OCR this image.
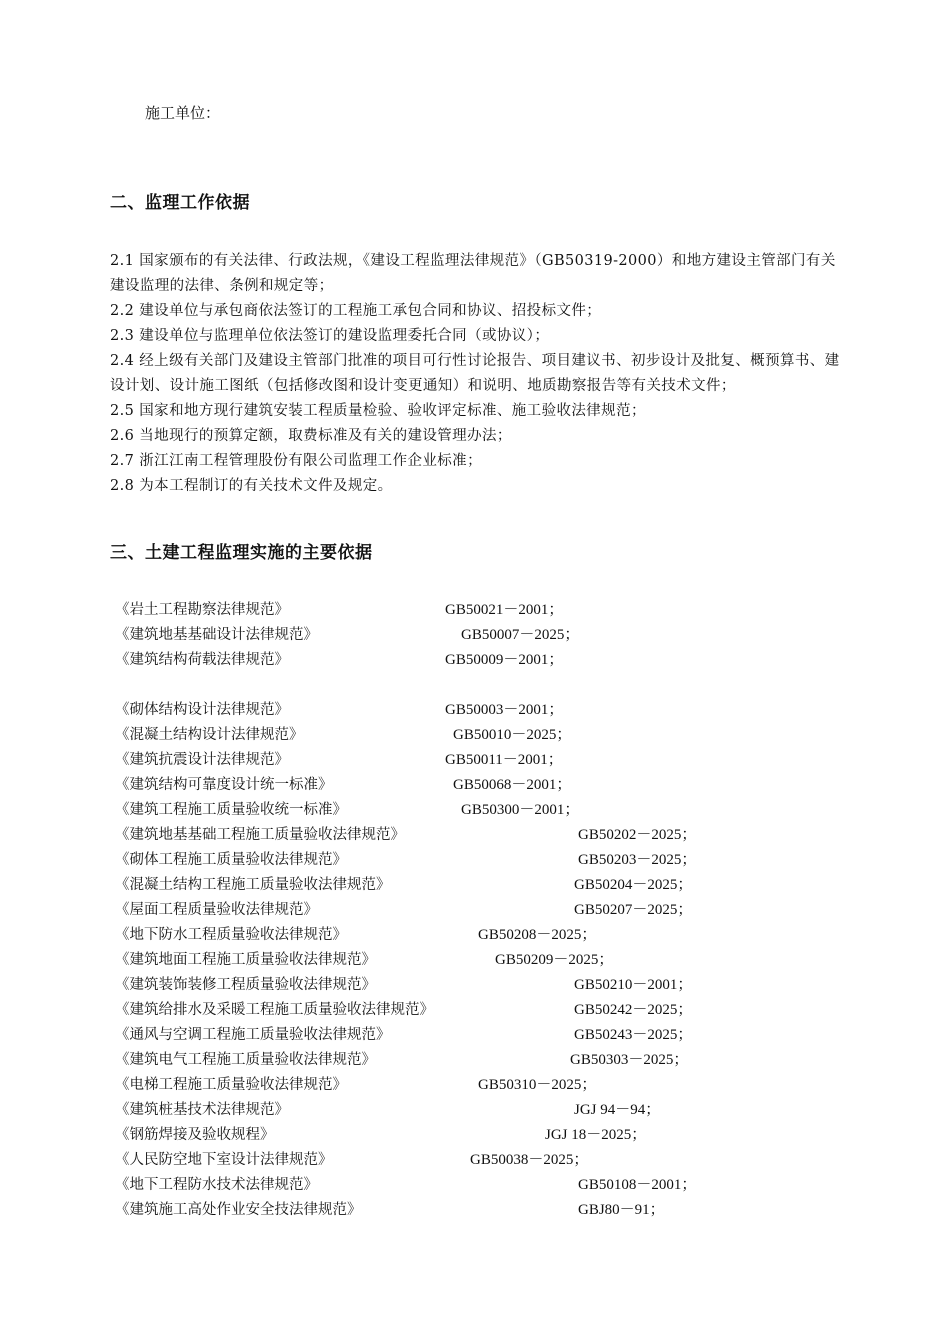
施工单位：
二、监理工作依据

2.1 国家颁布的有关法律、行政法规，《建设工程监理法律规范》（GB50319-2000）和地方建设主管部门有关建设监理的法律、条例和规定等；

2.2 建设单位与承包商依法签订的工程施工承包合同和协议、招投标文件；

2.3 建设单位与监理单位依法签订的建设监理委托合同（或协议）；

2.4 经上级有关部门及建设主管部门批准的项目可行性讨论报告、项目建议书、初步设计及批复、概预算书、建设计划、设计施工图纸（包括修改图和设计变更通知）和说明、地质勘察报告等有关技术文件；

2.5 国家和地方现行建筑安装工程质量检验、验收评定标准、施工验收法律规范；

2.6 当地现行的预算定额，取费标准及有关的建设管理办法；

2.7 浙江江南工程管理股份有限公司监理工作企业标准；

2.8 为本工程制订的有关技术文件及规定。

三、土建工程监理实施的主要依据
《岩土工程勘察法律规范》	GB50021－2001；
《建筑地基基础设计法律规范》	GB50007－2025；
《建筑结构荷载法律规范》	GB50009－2001；
《砌体结构设计法律规范》	GB50003－2001；
《混凝土结构设计法律规范》	GB50010－2025；
《建筑抗震设计法律规范》	GB50011－2001；
《建筑结构可靠度设计统一标准》	GB50068－2001；
《建筑工程施工质量验收统一标准》	GB50300－2001；
《建筑地基基础工程施工质量验收法律规范》	GB50202－2025；
《砌体工程施工质量验收法律规范》	GB50203－2025；
《混凝土结构工程施工质量验收法律规范》	GB50204－2025；
《屋面工程质量验收法律规范》	GB50207－2025；
《地下防水工程质量验收法律规范》	GB50208－2025；
《建筑地面工程施工质量验收法律规范》	GB50209－2025；
《建筑装饰装修工程质量验收法律规范》	GB50210－2001；
《建筑给排水及采暖工程施工质量验收法律规范》	GB50242－2025；
《通风与空调工程施工质量验收法律规范》	GB50243－2025；
《建筑电气工程施工质量验收法律规范》	GB50303－2025；
《电梯工程施工质量验收法律规范》	GB50310－2025；
《建筑桩基技术法律规范》	JGJ 94－94；
《钢筋焊接及验收规程》	JGJ 18－2025；
《人民防空地下室设计法律规范》	GB50038－2025；
《地下工程防水技术法律规范》	GB50108－2001；
《建筑施工高处作业安全技法律规范》	GBJ80－91；
